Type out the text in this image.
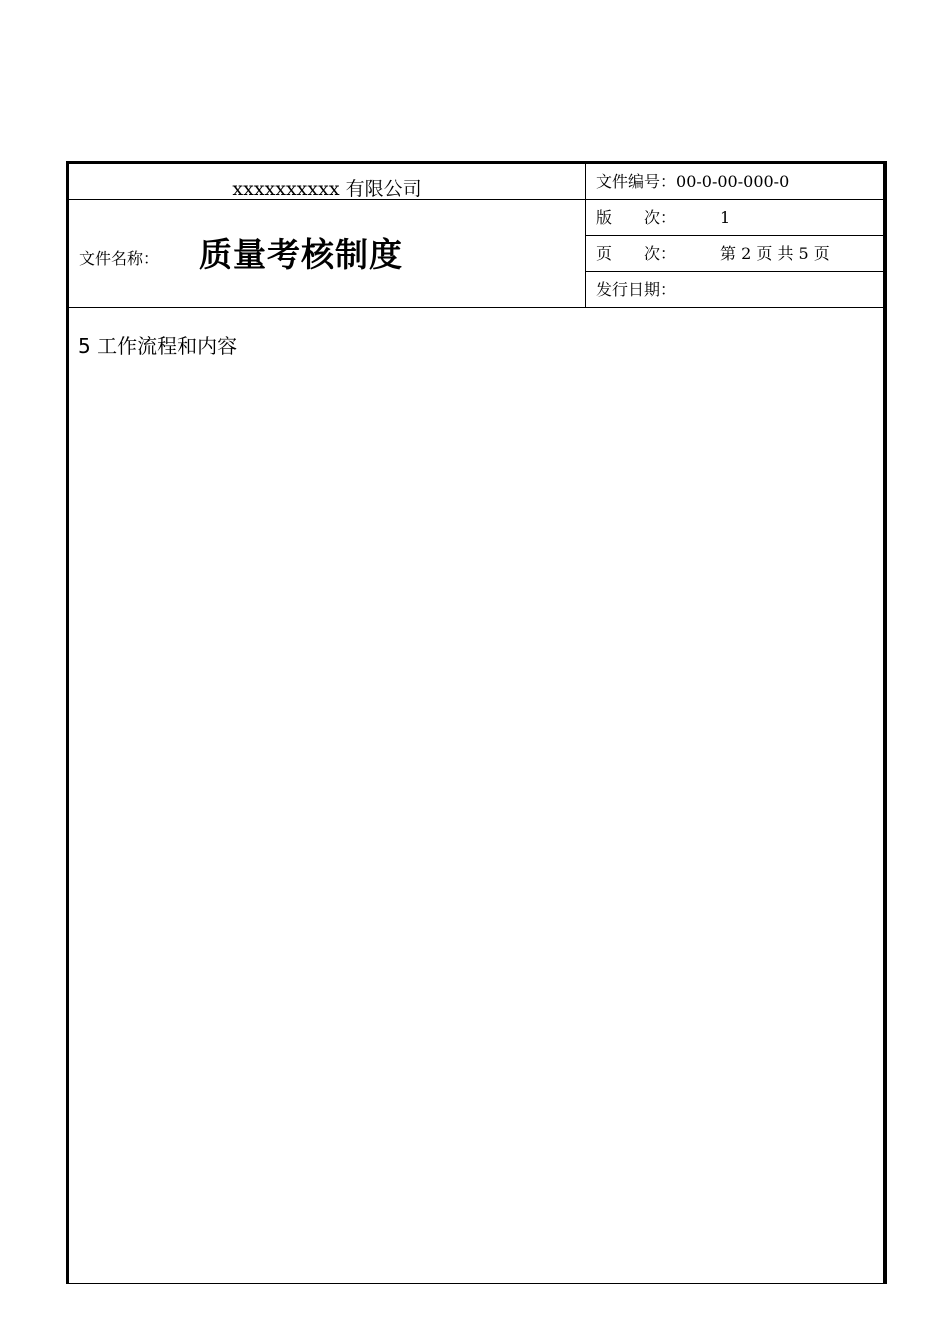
xxxxxxxxxx 有限公司
文件名称： 质量考核制度
文件编号：00-0-00-000-0
版　　次：	1
页　　次：	第 2 页 共 5 页
发行日期：
5 工作流程和内容
